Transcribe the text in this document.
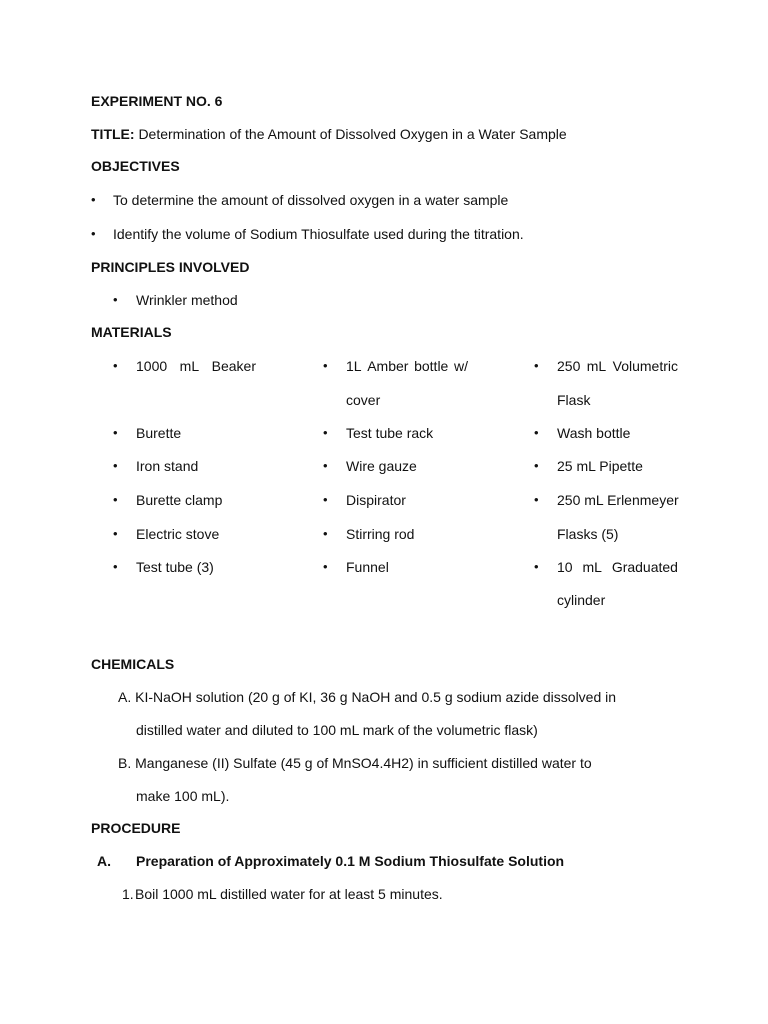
EXPERIMENT NO. 6
TITLE: Determination of the Amount of Dissolved Oxygen in a Water Sample
OBJECTIVES
• To determine the amount of dissolved oxygen in a water sample
• Identify the volume of Sodium Thiosulfate used during the titration.
PRINCIPLES INVOLVED
• Wrinkler method
MATERIALS
• 1000 mL Beaker
• Burette
• Iron stand
• Burette clamp
• Electric stove
• Test tube (3)
• 1L Amber bottle w/
cover
• Test tube rack
• Wire gauze
• Dispirator
• Stirring rod
• Funnel
• 250 mL Volumetric
Flask
• Wash bottle
• 25 mL Pipette
• 250 mL Erlenmeyer
Flasks (5)
• 10 mL Graduated
cylinder
CHEMICALS
A. KI-NaOH solution (20 g of KI, 36 g NaOH and 0.5 g sodium azide dissolved in
distilled water and diluted to 100 mL mark of the volumetric flask)
B. Manganese (II) Sulfate (45 g of MnSO4.4H2) in sufficient distilled water to
make 100 mL).
PROCEDURE
A. Preparation of Approximately 0.1 M Sodium Thiosulfate Solution
1. Boil 1000 mL distilled water for at least 5 minutes.
